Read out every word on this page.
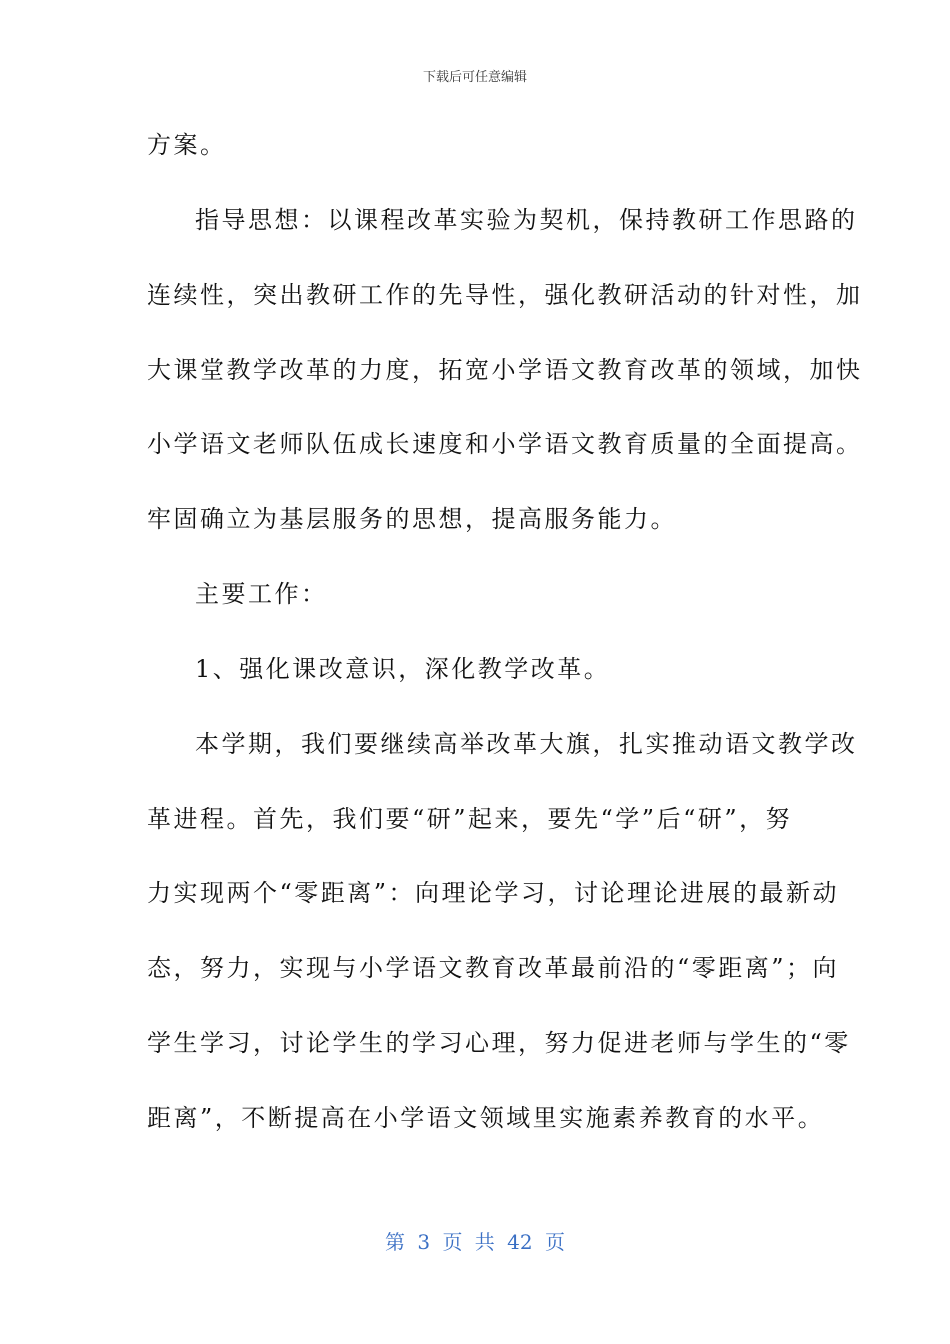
下载后可任意编辑
方案。
指导思想：以课程改革实验为契机，保持教研工作思路的
连续性，突出教研工作的先导性，强化教研活动的针对性，加
大课堂教学改革的力度，拓宽小学语文教育改革的领域，加快
小学语文老师队伍成长速度和小学语文教育质量的全面提高。
牢固确立为基层服务的思想，提高服务能力。
主要工作：
1、强化课改意识，深化教学改革。
本学期，我们要继续高举改革大旗，扎实推动语文教学改
革进程。首先，我们要“研”起来，要先“学”后“研”，努
力实现两个“零距离”：向理论学习，讨论理论进展的最新动
态，努力，实现与小学语文教育改革最前沿的“零距离”；向
学生学习，讨论学生的学习心理，努力促进老师与学生的“零
距离”，不断提高在小学语文领域里实施素养教育的水平。
第 3 页 共 42 页
